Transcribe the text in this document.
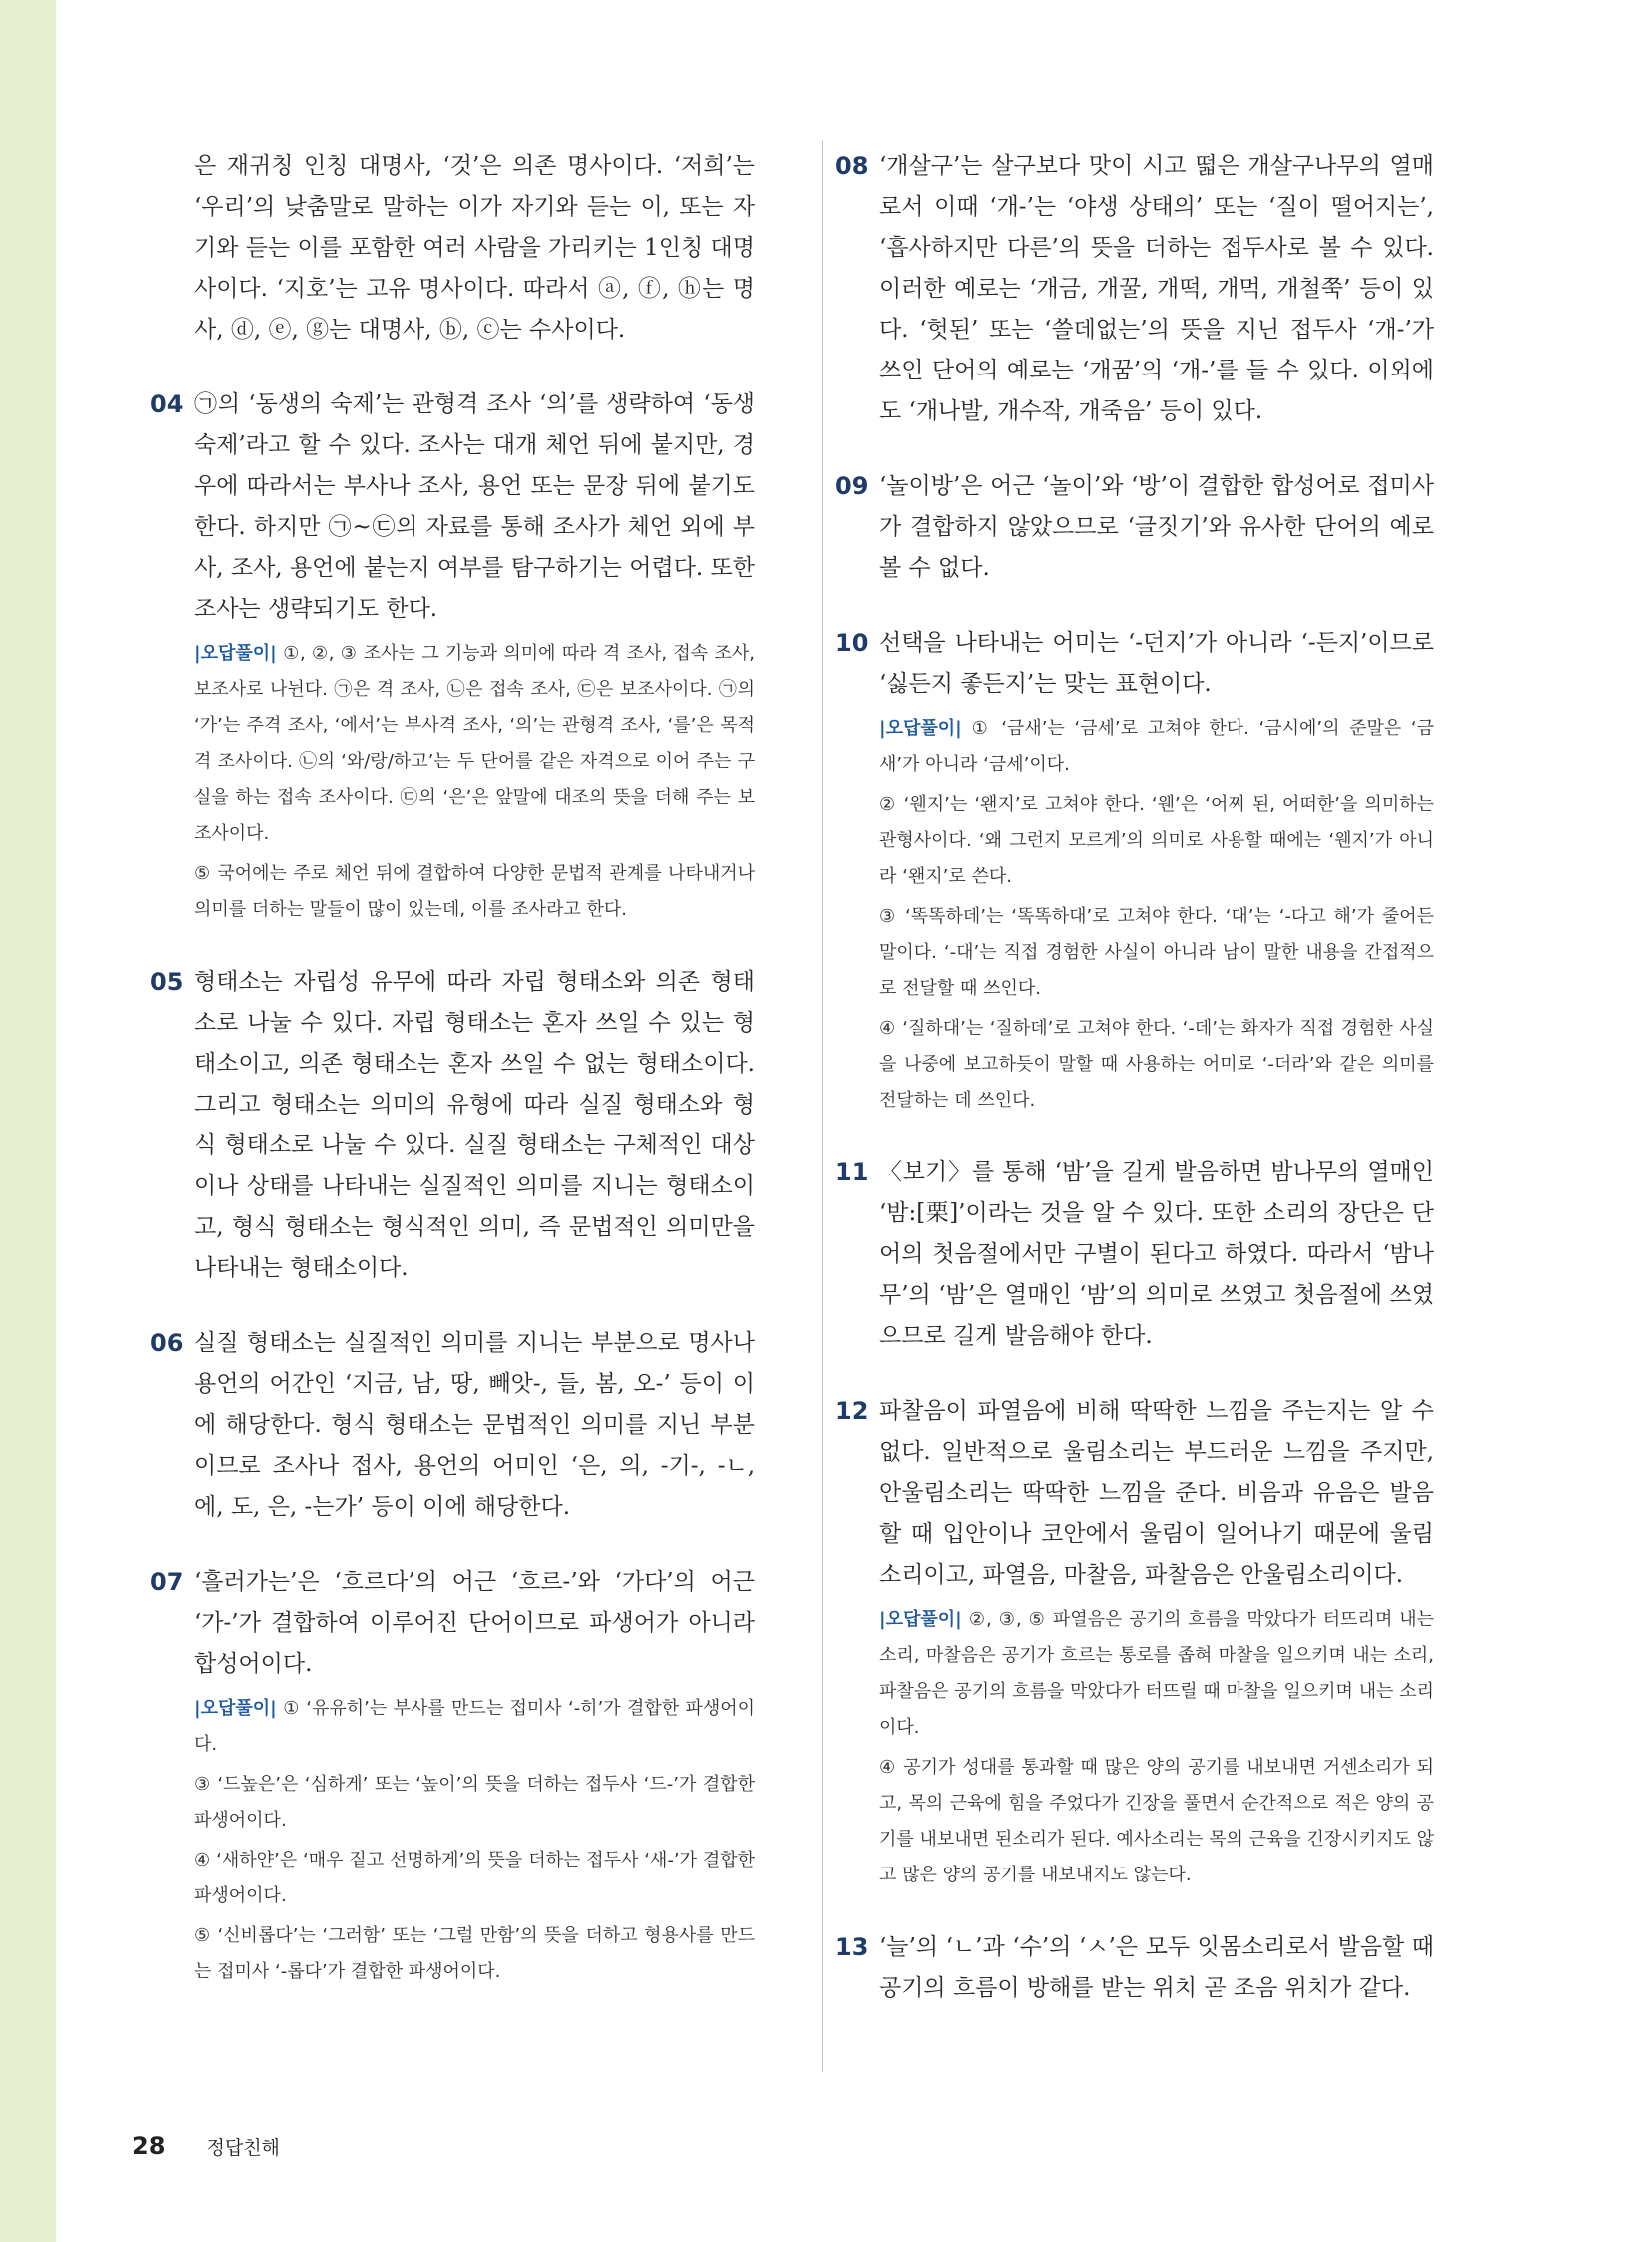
은 재귀칭 인칭 대명사, ‘것’은 의존 명사이다. ‘저희’는 ‘우리’의 낮춤말로 말하는 이가 자기와 듣는 이, 또는 자기와 듣는 이를 포함한 여러 사람을 가리키는 1인칭 대명사이다. ‘지호’는 고유 명사이다. 따라서 ⓐ, ⓕ, ⓗ는 명사, ⓓ, ⓔ, ⓖ는 대명사, ⓑ, ⓒ는 수사이다.

04 ㉠의 ‘동생의 숙제’는 관형격 조사 ‘의’를 생략하여 ‘동생 숙제’라고 할 수 있다. 조사는 대개 체언 뒤에 붙지만, 경우에 따라서는 부사나 조사, 용언 또는 문장 뒤에 붙기도 한다. 하지만 ㉠~㉢의 자료를 통해 조사가 체언 외에 부사, 조사, 용언에 붙는지 여부를 탐구하기는 어렵다. 또한 조사는 생략되기도 한다.

|오답풀이| ①, ②, ③ 조사는 그 기능과 의미에 따라 격 조사, 접속 조사, 보조사로 나뉜다. ㉠은 격 조사, ㉡은 접속 조사, ㉢은 보조사이다. ㉠의 ‘가’는 주격 조사, ‘에서’는 부사격 조사, ‘의’는 관형격 조사, ‘를’은 목적격 조사이다. ㉡의 ‘와/랑/하고’는 두 단어를 같은 자격으로 이어 주는 구실을 하는 접속 조사이다. ㉢의 ‘은’은 앞말에 대조의 뜻을 더해 주는 보조사이다.

⑤ 국어에는 주로 체언 뒤에 결합하여 다양한 문법적 관계를 나타내거나 의미를 더하는 말들이 많이 있는데, 이를 조사라고 한다.

05 형태소는 자립성 유무에 따라 자립 형태소와 의존 형태소로 나눌 수 있다. 자립 형태소는 혼자 쓰일 수 있는 형태소이고, 의존 형태소는 혼자 쓰일 수 없는 형태소이다. 그리고 형태소는 의미의 유형에 따라 실질 형태소와 형식 형태소로 나눌 수 있다. 실질 형태소는 구체적인 대상이나 상태를 나타내는 실질적인 의미를 지니는 형태소이고, 형식 형태소는 형식적인 의미, 즉 문법적인 의미만을 나타내는 형태소이다.

06 실질 형태소는 실질적인 의미를 지니는 부분으로 명사나 용언의 어간인 ‘지금, 남, 땅, 빼앗-, 들, 봄, 오-’ 등이 이에 해당한다. 형식 형태소는 문법적인 의미를 지닌 부분이므로 조사나 접사, 용언의 어미인 ‘은, 의, -기-, -ㄴ, 에, 도, 은, -는가’ 등이 이에 해당한다.

07 ‘흘러가는’은 ‘흐르다’의 어근 ‘흐르-’와 ‘가다’의 어근 ‘가-’가 결합하여 이루어진 단어이므로 파생어가 아니라 합성어이다.

|오답풀이| ① ‘유유히’는 부사를 만드는 접미사 ‘-히’가 결합한 파생어이다.

③ ‘드높은’은 ‘심하게’ 또는 ‘높이’의 뜻을 더하는 접두사 ‘드-’가 결합한 파생어이다.

④ ‘새하얀’은 ‘매우 짙고 선명하게’의 뜻을 더하는 접두사 ‘새-’가 결합한 파생어이다.

⑤ ‘신비롭다’는 ‘그러함’ 또는 ‘그럴 만함’의 뜻을 더하고 형용사를 만드는 접미사 ‘-롭다’가 결합한 파생어이다.

08 ‘개살구’는 살구보다 맛이 시고 떫은 개살구나무의 열매로서 이때 ‘개-’는 ‘야생 상태의’ 또는 ‘질이 떨어지는’, ‘흡사하지만 다른’의 뜻을 더하는 접두사로 볼 수 있다. 이러한 예로는 ‘개금, 개꿀, 개떡, 개먹, 개철쭉’ 등이 있다. ‘헛된’ 또는 ‘쓸데없는’의 뜻을 지닌 접두사 ‘개-’가 쓰인 단어의 예로는 ‘개꿈’의 ‘개-’를 들 수 있다. 이외에도 ‘개나발, 개수작, 개죽음’ 등이 있다.

09 ‘놀이방’은 어근 ‘놀이’와 ‘방’이 결합한 합성어로 접미사가 결합하지 않았으므로 ‘글짓기’와 유사한 단어의 예로 볼 수 없다.

10 선택을 나타내는 어미는 ‘-던지’가 아니라 ‘-든지’이므로 ‘싫든지 좋든지’는 맞는 표현이다.

|오답풀이| ① ‘금새’는 ‘금세’로 고쳐야 한다. ‘금시에’의 준말은 ‘금새’가 아니라 ‘금세’이다.

② ‘웬지’는 ‘왠지’로 고쳐야 한다. ‘웬’은 ‘어찌 된, 어떠한’을 의미하는 관형사이다. ‘왜 그런지 모르게’의 의미로 사용할 때에는 ‘웬지’가 아니라 ‘왠지’로 쓴다.

③ ‘똑똑하데’는 ‘똑똑하대’로 고쳐야 한다. ‘대’는 ‘-다고 해’가 줄어든 말이다. ‘-대’는 직접 경험한 사실이 아니라 남이 말한 내용을 간접적으로 전달할 때 쓰인다.

④ ‘질하대’는 ‘질하데’로 고쳐야 한다. ‘-데’는 화자가 직접 경험한 사실을 나중에 보고하듯이 말할 때 사용하는 어미로 ‘-더라’와 같은 의미를 전달하는 데 쓰인다.

11 〈보기〉를 통해 ‘밤’을 길게 발음하면 밤나무의 열매인 ‘밤:[栗]’이라는 것을 알 수 있다. 또한 소리의 장단은 단어의 첫음절에서만 구별이 된다고 하였다. 따라서 ‘밤나무’의 ‘밤’은 열매인 ‘밤’의 의미로 쓰였고 첫음절에 쓰였으므로 길게 발음해야 한다.

12 파찰음이 파열음에 비해 딱딱한 느낌을 주는지는 알 수 없다. 일반적으로 울림소리는 부드러운 느낌을 주지만, 안울림소리는 딱딱한 느낌을 준다. 비음과 유음은 발음할 때 입안이나 코안에서 울림이 일어나기 때문에 울림소리이고, 파열음, 마찰음, 파찰음은 안울림소리이다.

|오답풀이| ②, ③, ⑤ 파열음은 공기의 흐름을 막았다가 터뜨리며 내는 소리, 마찰음은 공기가 흐르는 통로를 좁혀 마찰을 일으키며 내는 소리, 파찰음은 공기의 흐름을 막았다가 터뜨릴 때 마찰을 일으키며 내는 소리이다.

④ 공기가 성대를 통과할 때 많은 양의 공기를 내보내면 거센소리가 되고, 목의 근육에 힘을 주었다가 긴장을 풀면서 순간적으로 적은 양의 공기를 내보내면 된소리가 된다. 예사소리는 목의 근육을 긴장시키지도 않고 많은 양의 공기를 내보내지도 않는다.

13 ‘늘’의 ‘ㄴ’과 ‘수’의 ‘ㅅ’은 모두 잇몸소리로서 발음할 때 공기의 흐름이 방해를 받는 위치 곧 조음 위치가 같다.

28 정답친해
